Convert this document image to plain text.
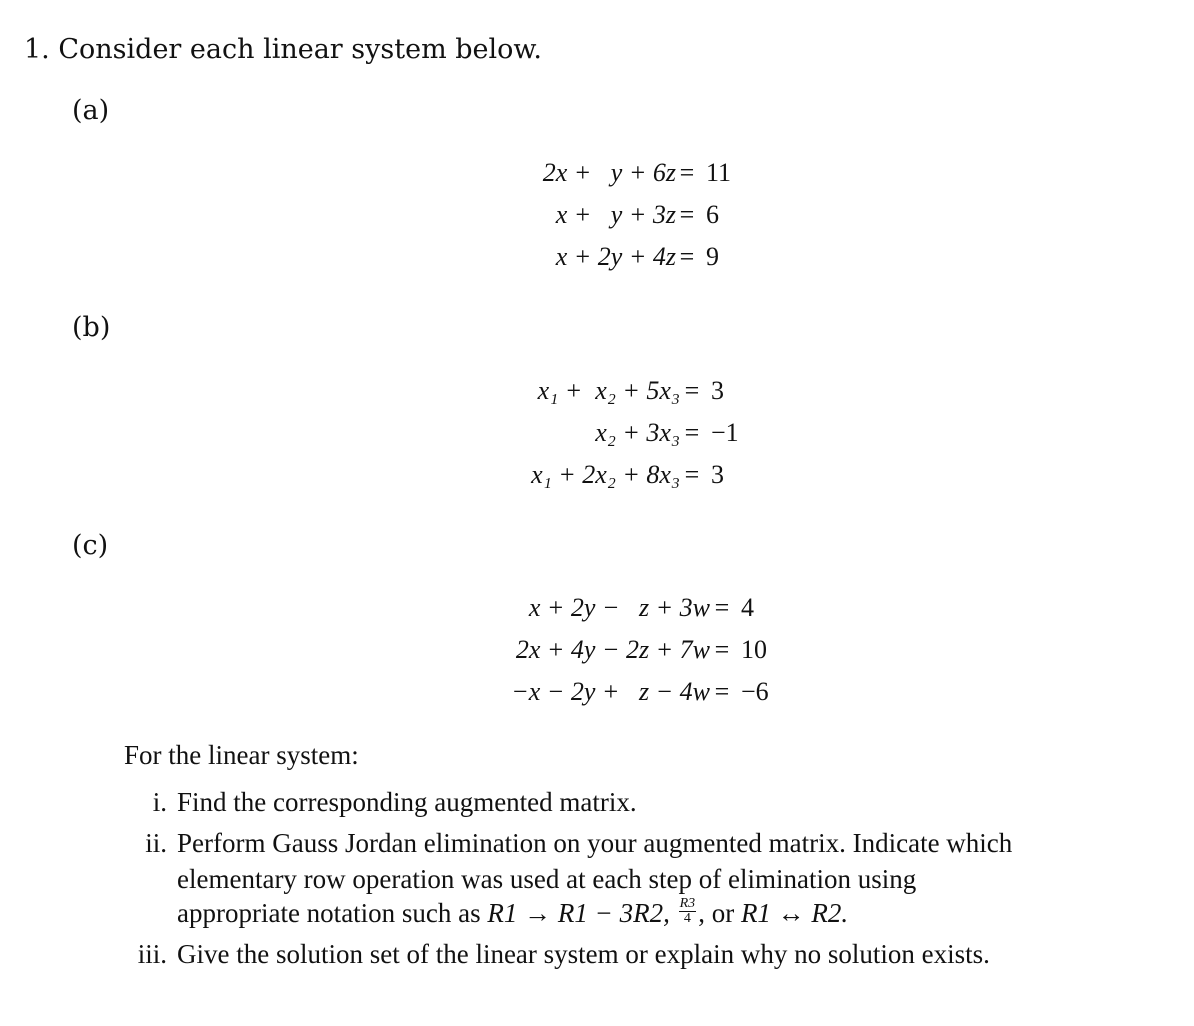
1. Consider each linear system below.
(a)
2x +   y + 6z = 11
x +   y + 3z = 6
x + 2y + 4z = 9
(b)
x₁ +  x₂ + 5x₃ = 3
x₂ + 3x₃ = −1
x₁ + 2x₂ + 8x₃ = 3
(c)
x + 2y −   z + 3w = 4
2x + 4y − 2z + 7w = 10
−x − 2y +   z − 4w = −6
For the linear system:
i. Find the corresponding augmented matrix.
ii. Perform Gauss Jordan elimination on your augmented matrix. Indicate which
elementary row operation was used at each step of elimination using
appropriate notation such as R1 → R1 − 3R2, $\frac{R3}{4}$ , or R1 ↔ R2.
iii. Give the solution set of the linear system or explain why no solution exists.
